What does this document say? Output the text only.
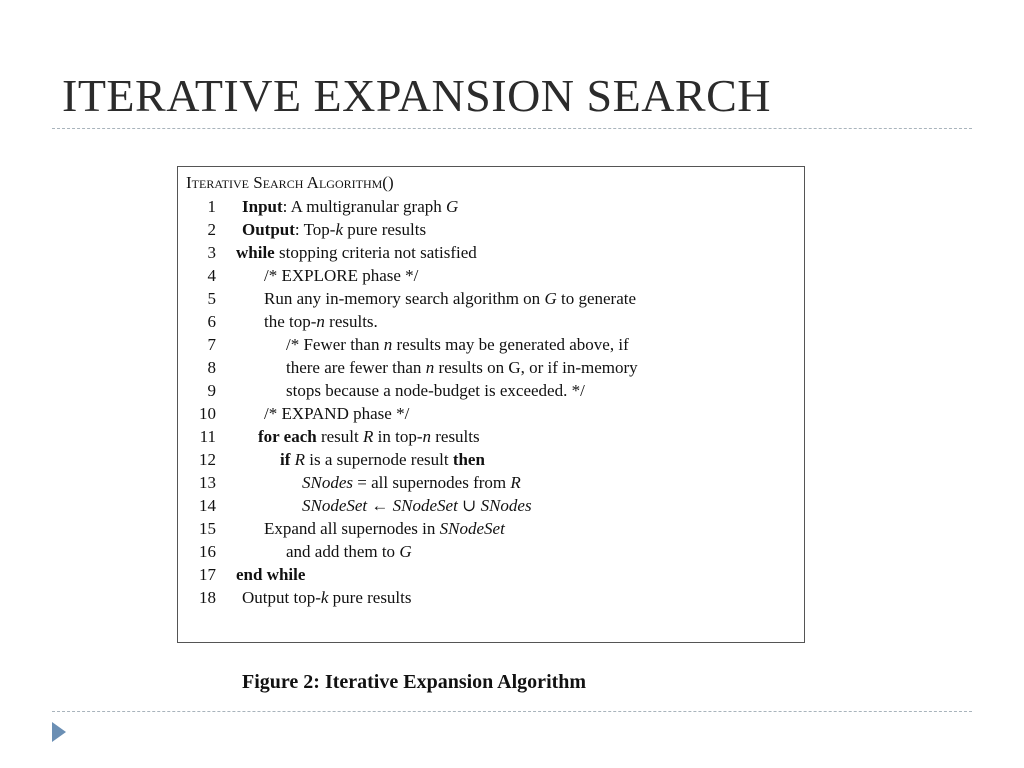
ITERATIVE EXPANSION SEARCH
Iterative Search Algorithm()
1 Input: A multigranular graph G
2 Output: Top-k pure results
3 while stopping criteria not satisfied
4	/* EXPLORE phase */
5	Run any in-memory search algorithm on G to generate
6	the top-n results.
7	/* Fewer than n results may be generated above, if
8	there are fewer than n results on G, or if in-memory
9	stops because a node-budget is exceeded. */
10	/* EXPAND phase */
11 for each result R in top-n results
12	if R is a supernode result then
13	SNodes = all supernodes from R
14	SNodeSet ← SNodeSet ∪ SNodes
15	Expand all supernodes in SNodeSet
16	and add them to G
17 end while
18 Output top-k pure results

Figure 2: Iterative Expansion Algorithm
